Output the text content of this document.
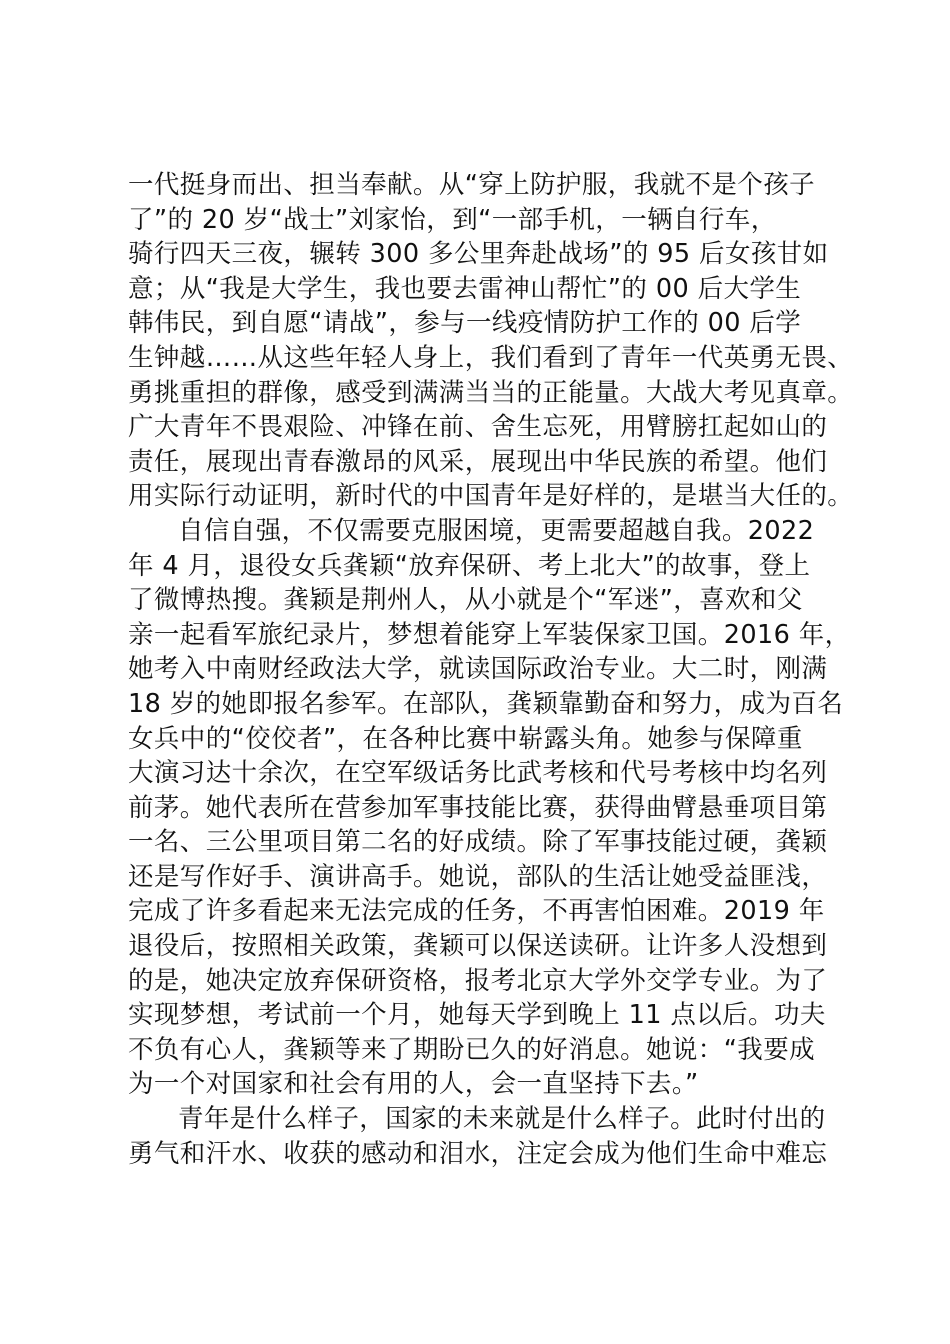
一代挺身而出、担当奉献。从“穿上防护服，我就不是个孩子
了”的 20 岁“战士”刘家怡，到“一部手机，一辆自行车，
骑行四天三夜，辗转 300 多公里奔赴战场”的 95 后女孩甘如
意；从“我是大学生，我也要去雷神山帮忙”的 00 后大学生
韩伟民，到自愿“请战”，参与一线疫情防护工作的 00 后学
生钟越……从这些年轻人身上，我们看到了青年一代英勇无畏、
勇挑重担的群像，感受到满满当当的正能量。大战大考见真章。
广大青年不畏艰险、冲锋在前、舍生忘死，用臂膀扛起如山的
责任，展现出青春激昂的风采，展现出中华民族的希望。他们
用实际行动证明，新时代的中国青年是好样的，是堪当大任的。
自信自强，不仅需要克服困境，更需要超越自我。2022
年 4 月，退役女兵龚颖“放弃保研、考上北大”的故事，登上
了微博热搜。龚颖是荆州人，从小就是个“军迷”，喜欢和父
亲一起看军旅纪录片，梦想着能穿上军装保家卫国。2016 年，
她考入中南财经政法大学，就读国际政治专业。大二时，刚满
18 岁的她即报名参军。在部队，龚颖靠勤奋和努力，成为百名
女兵中的“佼佼者”，在各种比赛中崭露头角。她参与保障重
大演习达十余次，在空军级话务比武考核和代号考核中均名列
前茅。她代表所在营参加军事技能比赛，获得曲臂悬垂项目第
一名、三公里项目第二名的好成绩。除了军事技能过硬，龚颖
还是写作好手、演讲高手。她说，部队的生活让她受益匪浅，
完成了许多看起来无法完成的任务，不再害怕困难。2019 年
退役后，按照相关政策，龚颖可以保送读研。让许多人没想到
的是，她决定放弃保研资格，报考北京大学外交学专业。为了
实现梦想，考试前一个月，她每天学到晚上 11 点以后。功夫
不负有心人，龚颖等来了期盼已久的好消息。她说：“我要成
为一个对国家和社会有用的人，会一直坚持下去。”
青年是什么样子，国家的未来就是什么样子。此时付出的
勇气和汗水、收获的感动和泪水，注定会成为他们生命中难忘
